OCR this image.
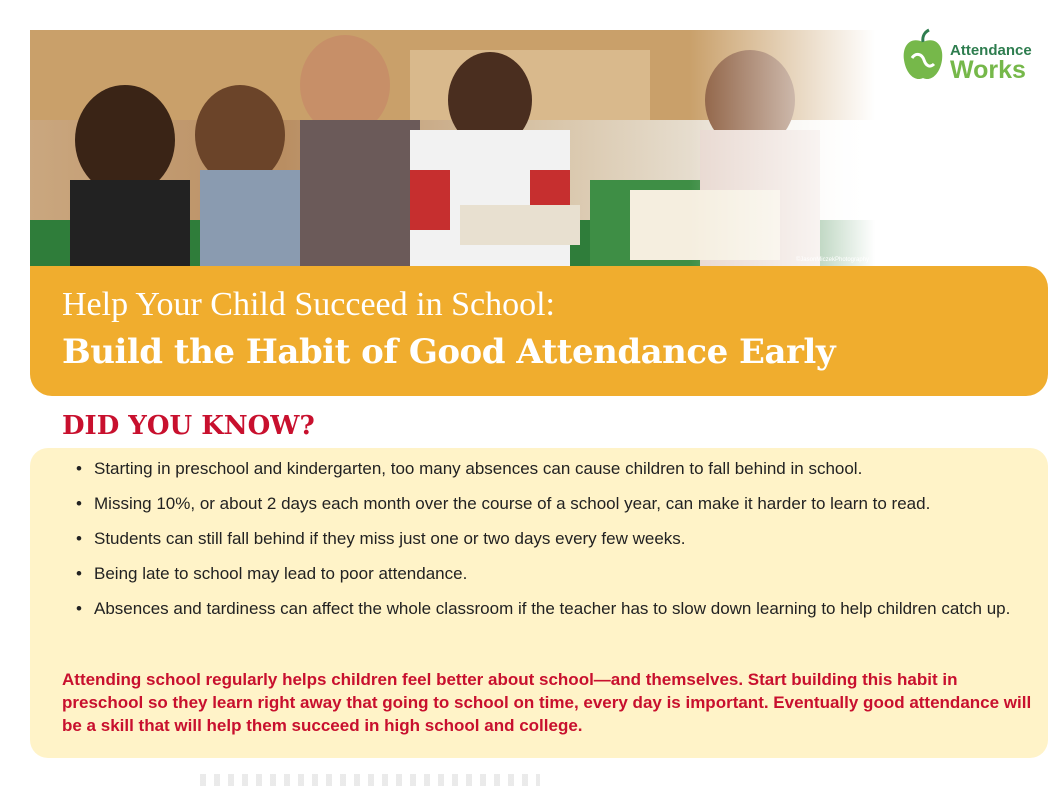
©JasonMiczekPhotography
Attendance
Works
Help Your Child Succeed in School:
Build the Habit of Good Attendance Early
DID YOU KNOW?
• Starting in preschool and kindergarten, too many absences can cause children to fall behind in school.
• Missing 10%, or about 2 days each month over the course of a school year, can make it harder to learn to read.
• Students can still fall behind if they miss just one or two days every few weeks.
• Being late to school may lead to poor attendance.
• Absences and tardiness can affect the whole classroom if the teacher has to slow down learning to help children catch up.
Attending school regularly helps children feel better about school—and themselves. Start building this habit in preschool so they learn right away that going to school on time, every day is important. Eventually good attendance will be a skill that will help them succeed in high school and college.
